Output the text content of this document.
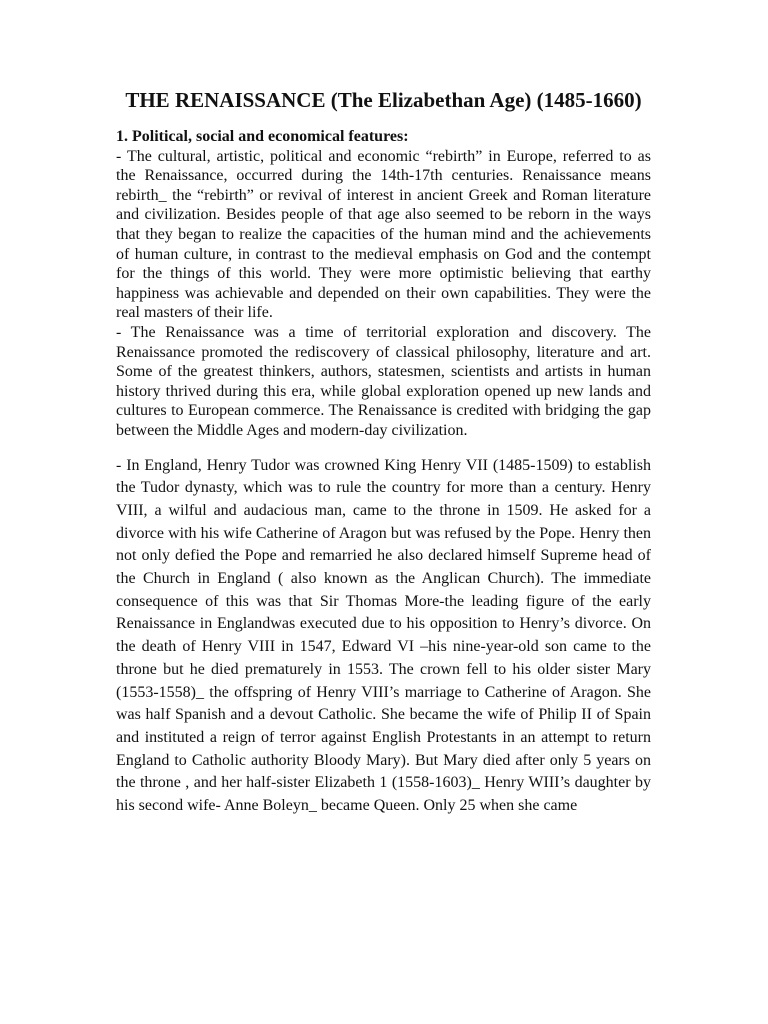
THE RENAISSANCE (The Elizabethan Age) (1485-1660)

1. Political, social and economical features:

- The cultural, artistic, political and economic “rebirth” in Europe, referred to as the Renaissance, occurred during the 14th-17th centuries. Renaissance means rebirth_ the “rebirth” or revival of interest in ancient Greek and Roman literature and civilization. Besides people of that age also seemed to be reborn in the ways that they began to realize the capacities of the human mind and the achievements of human culture, in contrast to the medieval emphasis on God and the contempt for the things of this world. They were more optimistic believing that earthy happiness was achievable and depended on their own capabilities. They were the real masters of their life.

- The Renaissance was a time of territorial exploration and discovery. The Renaissance promoted the rediscovery of classical philosophy, literature and art. Some of the greatest thinkers, authors, statesmen, scientists and artists in human history thrived during this era, while global exploration opened up new lands and cultures to European commerce. The Renaissance is credited with bridging the gap between the Middle Ages and modern-day civilization.

- In England, Henry Tudor was crowned King Henry VII (1485-1509) to establish the Tudor dynasty, which was to rule the country for more than a century. Henry VIII, a wilful and audacious man, came to the throne in 1509. He asked for a divorce with his wife Catherine of Aragon but was refused by the Pope. Henry then not only defied the Pope and remarried he also declared himself Supreme head of the Church in England ( also known as the Anglican Church). The immediate consequence of this was that Sir Thomas More-the leading figure of the early Renaissance in Englandwas executed due to his opposition to Henry’s divorce. On the death of Henry VIII in 1547, Edward VI –his nine-year-old son came to the throne but he died prematurely in 1553. The crown fell to his older sister Mary (1553-1558)_ the offspring of Henry VIII’s marriage to Catherine of Aragon. She was half Spanish and a devout Catholic. She became the wife of Philip II of Spain and instituted a reign of terror against English Protestants in an attempt to return England to Catholic authority Bloody Mary). But Mary died after only 5 years on the throne , and her half-sister Elizabeth 1 (1558-1603)_ Henry WIII’s daughter by his second wife- Anne Boleyn_ became Queen. Only 25 when she came
